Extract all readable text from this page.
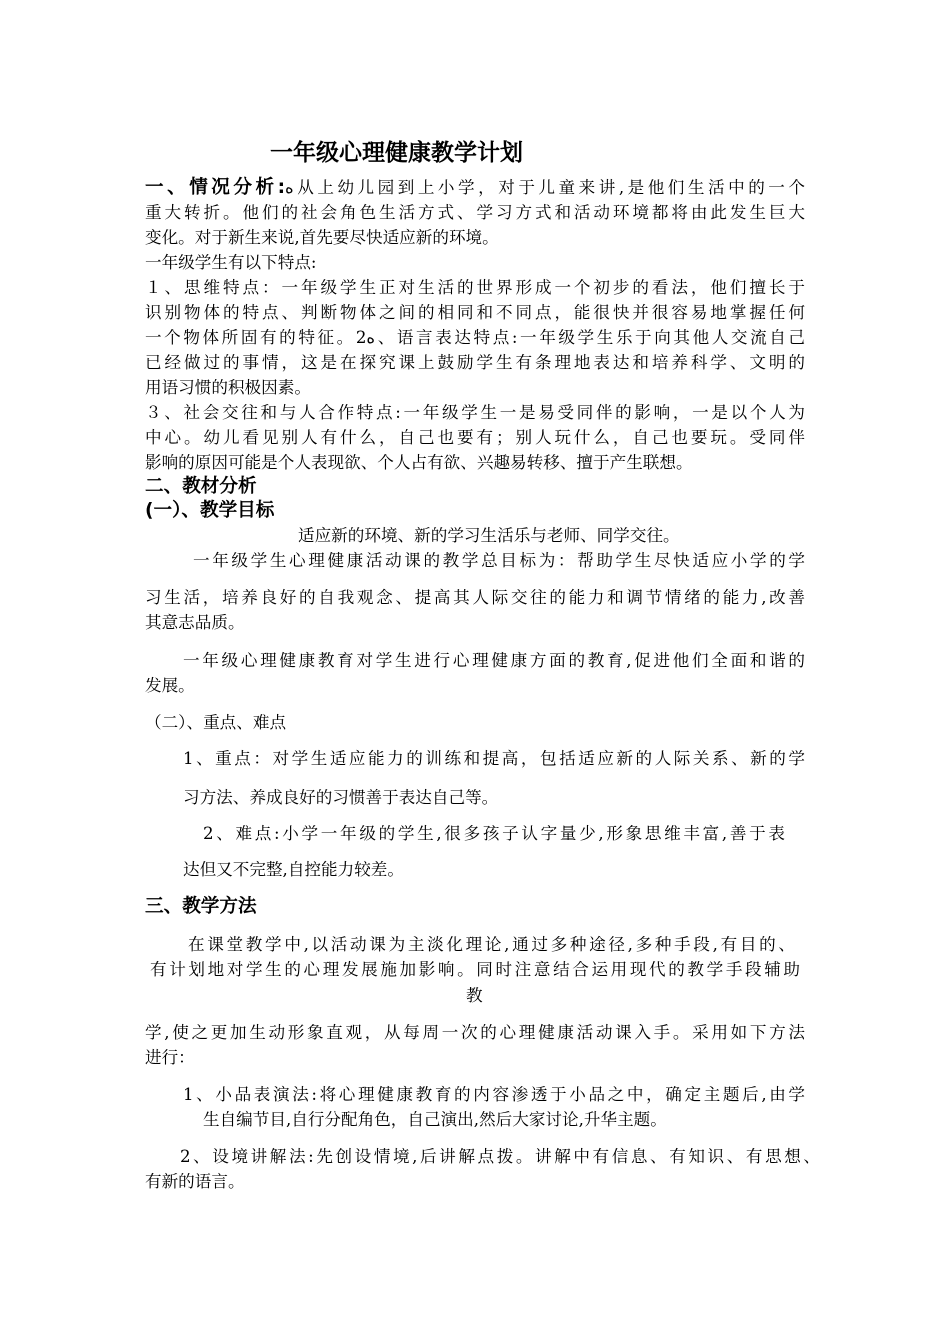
一年级心理健康教学计划
一、情况分析:ﻩ从上幼儿园到上小学，对于儿童来讲,是他们生活中的一个
重大转折。他们的社会角色生活方式、学习方式和活动环境都将由此发生巨大
变化。对于新生来说,首先要尽快适应新的环境。
一年级学生有以下特点:
１、思维特点：一年级学生正对生活的世界形成一个初步的看法，他们擅长于
识别物体的特点、判断物体之间的相同和不同点，能很快并很容易地掌握任何
一个物体所固有的特征。2ﻩ、语言表达特点:一年级学生乐于向其他人交流自己
已经做过的事情，这是在探究课上鼓励学生有条理地表达和培养科学、文明的
用语习惯的积极因素。
３、社会交往和与人合作特点:一年级学生一是易受同伴的影响，一是以个人为
中心。幼儿看见别人有什么，自己也要有；别人玩什么，自己也要玩。受同伴
影响的原因可能是个人表现欲、个人占有欲、兴趣易转移、擅于产生联想。
二、教材分析
(一）、教学目标
适应新的环境、新的学习生活乐与老师、同学交往。
一年级学生心理健康活动课的教学总目标为：帮助学生尽快适应小学的学
习生活，培养良好的自我观念、提高其人际交往的能力和调节情绪的能力,改善
其意志品质。
一年级心理健康教育对学生进行心理健康方面的教育,促进他们全面和谐的
发展。
（二）、重点、难点
1、重点：对学生适应能力的训练和提高，包括适应新的人际关系、新的学
习方法、养成良好的习惯善于表达自己等。
2、难点:小学一年级的学生,很多孩子认字量少,形象思维丰富,善于表
达但又不完整,自控能力较差。
三、教学方法
在课堂教学中,以活动课为主淡化理论,通过多种途径,多种手段,有目的、
有计划地对学生的心理发展施加影响。同时注意结合运用现代的教学手段辅助
教
学,使之更加生动形象直观，从每周一次的心理健康活动课入手。采用如下方法
进行：
1、小品表演法:将心理健康教育的内容渗透于小品之中，确定主题后,由学
生自编节目,自行分配角色，自己演出,然后大家讨论,升华主题。
2、设境讲解法:先创设情境,后讲解点拨。讲解中有信息、有知识、有思想、
有新的语言。
